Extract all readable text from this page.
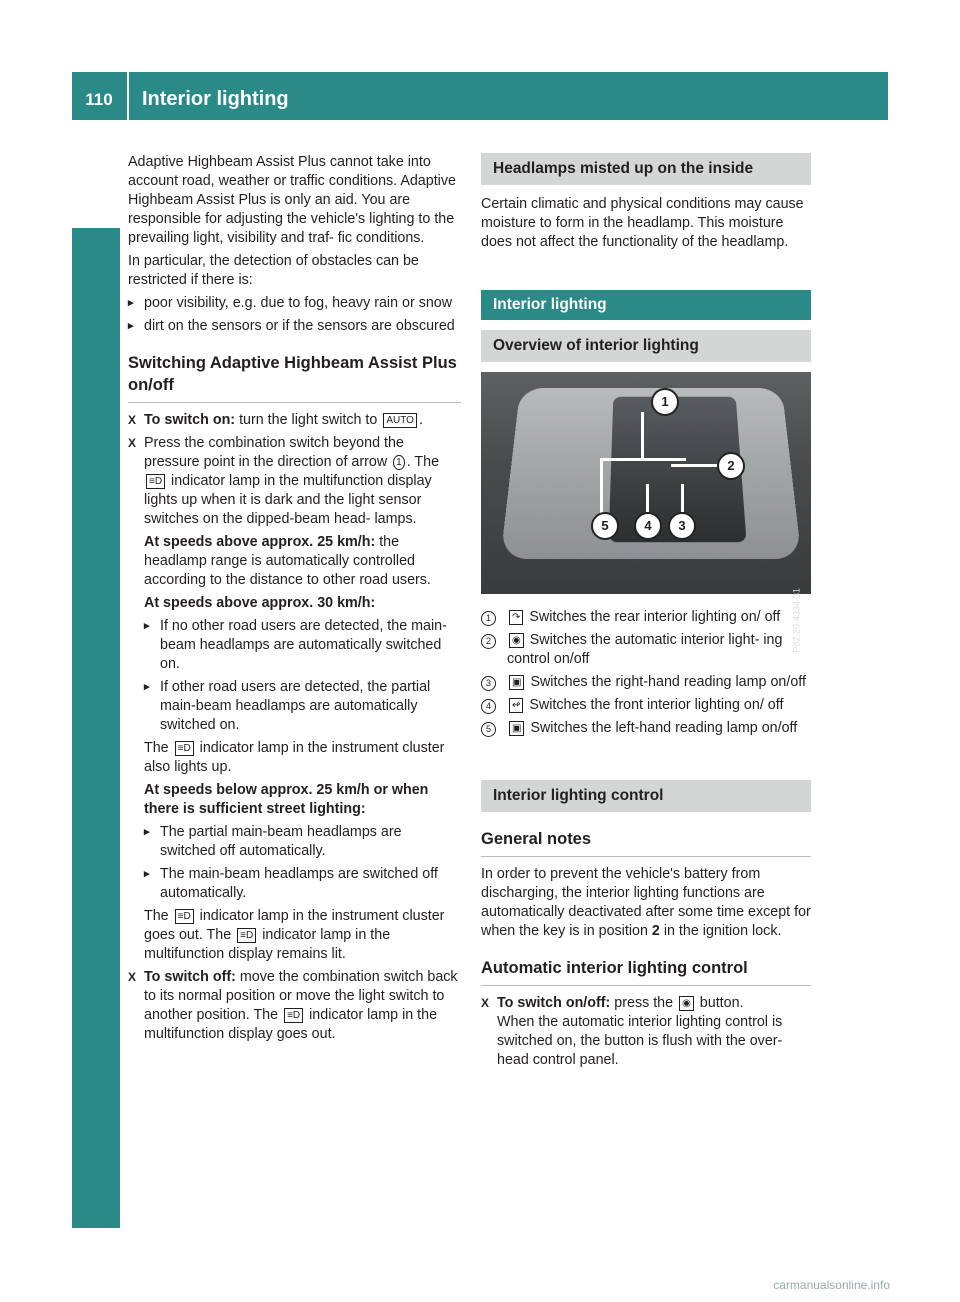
110	Interior lighting
Lights and windscreen wipers

Adaptive Highbeam Assist Plus cannot take into account road, weather or traffic conditions. Adaptive Highbeam Assist Plus is only an aid. You are responsible for adjusting the vehicle's lighting to the prevailing light, visibility and traf- fic conditions.

In particular, the detection of obstacles can be restricted if there is:

▸ poor visibility, e.g. due to fog, heavy rain or snow
▸ dirt on the sensors or if the sensors are obscured
Switching Adaptive Highbeam Assist Plus on/off
X To switch on: turn the light switch to AUTO .
X Press the combination switch beyond the pressure point in the direction of arrow 1 . The ≡D indicator lamp in the multifunction display lights up when it is dark and the light sensor switches on the dipped-beam head- lamps.

At speeds above approx. 25 km/h: the headlamp range is automatically controlled according to the distance to other road users.

At speeds above approx. 30 km/h:

▸ If no other road users are detected, the main-beam headlamps are automatically switched on.
▸ If other road users are detected, the partial main-beam headlamps are automatically switched on.

The ≡D indicator lamp in the instrument cluster also lights up.

At speeds below approx. 25 km/h or when there is sufficient street lighting:

▸ The partial main-beam headlamps are switched off automatically.
▸ The main-beam headlamps are switched off automatically.

The ≡D indicator lamp in the instrument cluster goes out. The ≡D indicator lamp in the multifunction display remains lit.

X To switch off: move the combination switch back to its normal position or move the light switch to another position. The ≡D indicator lamp in the multifunction display goes out.
Headlamps misted up on the inside

Certain climatic and physical conditions may cause moisture to form in the headlamp. This moisture does not affect the functionality of the headlamp.

Interior lighting
Overview of interior lighting
1
2
3
4
5
P82.20-4334-31
1	↷ Switches the rear interior lighting on/ off
2	◉ Switches the automatic interior light- ing control on/off
3	▣ Switches the right-hand reading lamp on/off
4	↫ Switches the front interior lighting on/ off
5	▣ Switches the left-hand reading lamp on/off
Interior lighting control
General notes

In order to prevent the vehicle's battery from discharging, the interior lighting functions are automatically deactivated after some time except for when the key is in position 2 in the ignition lock.

Automatic interior lighting control
X To switch on/off: press the ◉ button.
When the automatic interior lighting control is switched on, the button is flush with the over- head control panel.
carmanualsonline.info
